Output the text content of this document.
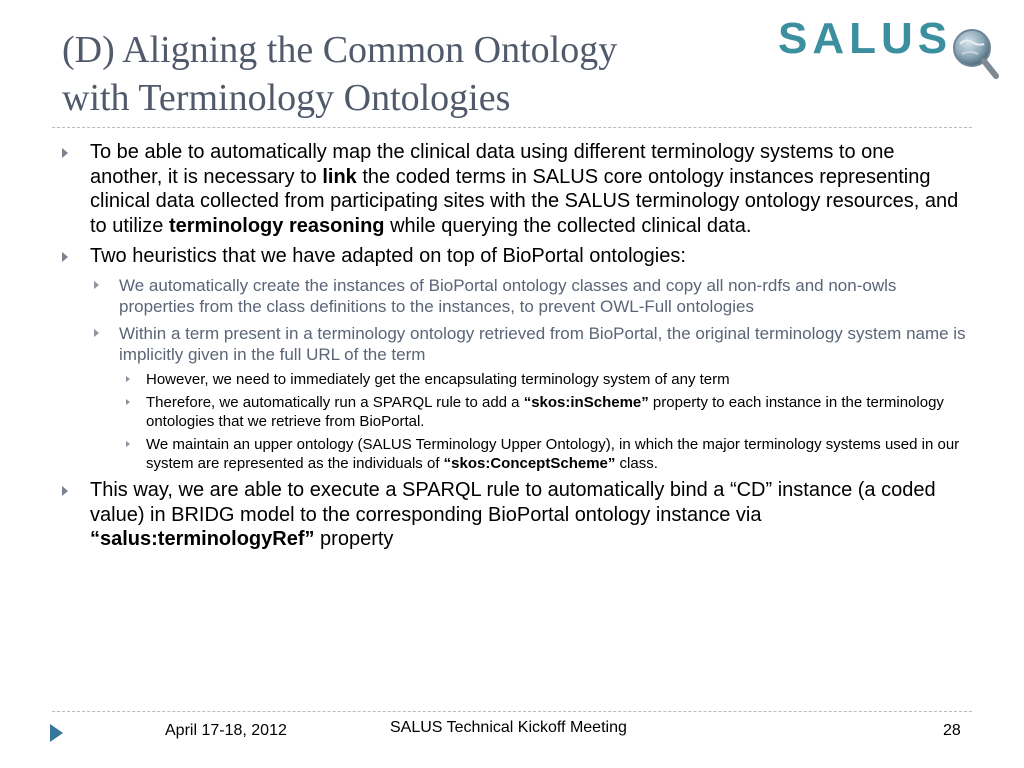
(D) Aligning the Common Ontology
with Terminology Ontologies
SALUS
To be able to automatically map the clinical data using different terminology systems to one another, it is necessary to link the coded terms in SALUS core ontology instances representing clinical data collected from participating sites with the SALUS terminology ontology resources, and to utilize terminology reasoning while querying the collected clinical data.
Two heuristics that we have adapted on top of BioPortal ontologies:
We automatically create the instances of BioPortal ontology classes and copy all non-rdfs and non-owls properties from the class definitions to the instances, to prevent OWL-Full ontologies
Within a term present in a terminology ontology retrieved from BioPortal, the original terminology system name is implicitly given in the full URL of the term
However, we need to immediately get the encapsulating terminology system of any term
Therefore, we automatically run a SPARQL rule to add a “skos:inScheme” property to each instance in the terminology ontologies that we retrieve from BioPortal.
We maintain an upper ontology (SALUS Terminology Upper Ontology), in which the major terminology systems used in our system are represented as the individuals of “skos:ConceptScheme” class.
This way, we are able to execute a SPARQL rule to automatically bind a “CD” instance (a coded value) in BRIDG model to the corresponding BioPortal ontology instance via “salus:terminologyRef” property
April 17-18, 2012	SALUS Technical Kickoff Meeting	28
